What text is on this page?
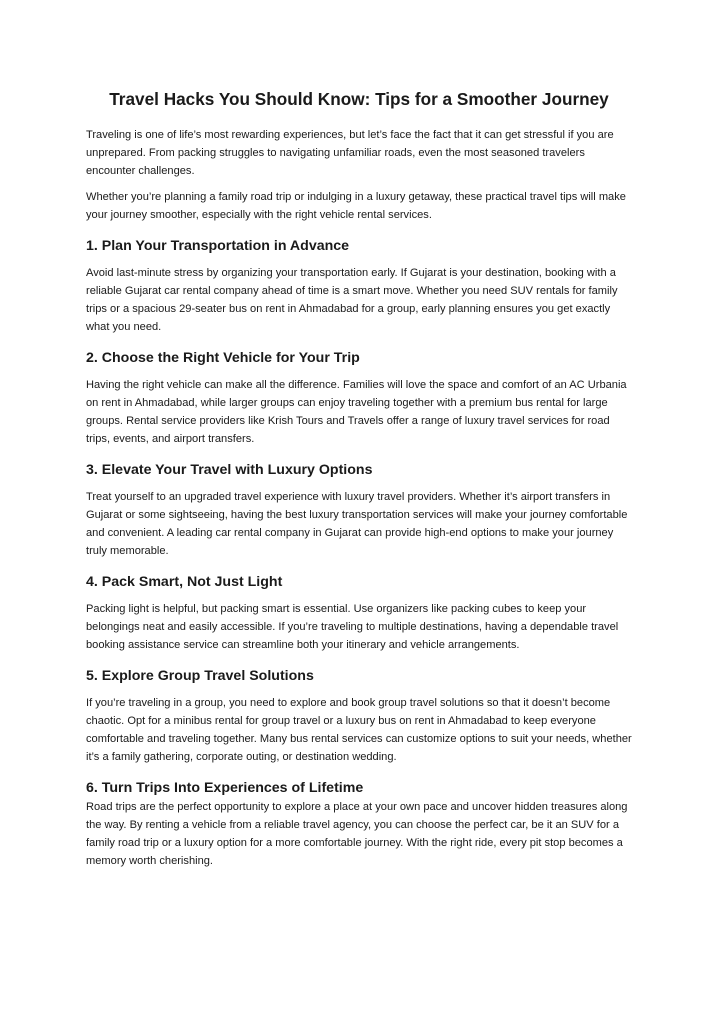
Travel Hacks You Should Know: Tips for a Smoother Journey

Traveling is one of life’s most rewarding experiences, but let’s face the fact that it can get stressful if you are unprepared. From packing struggles to navigating unfamiliar roads, even the most seasoned travelers encounter challenges.

Whether you’re planning a family road trip or indulging in a luxury getaway, these practical travel tips will make your journey smoother, especially with the right vehicle rental services.

1. Plan Your Transportation in Advance

Avoid last-minute stress by organizing your transportation early. If Gujarat is your destination, booking with a reliable Gujarat car rental company ahead of time is a smart move. Whether you need SUV rentals for family trips or a spacious 29-seater bus on rent in Ahmadabad for a group, early planning ensures you get exactly what you need.

2. Choose the Right Vehicle for Your Trip

Having the right vehicle can make all the difference. Families will love the space and comfort of an AC Urbania on rent in Ahmadabad, while larger groups can enjoy traveling together with a premium bus rental for large groups. Rental service providers like Krish Tours and Travels offer a range of luxury travel services for road trips, events, and airport transfers.

3. Elevate Your Travel with Luxury Options

Treat yourself to an upgraded travel experience with luxury travel providers. Whether it’s airport transfers in Gujarat or some sightseeing, having the best luxury transportation services will make your journey comfortable and convenient. A leading car rental company in Gujarat can provide high-end options to make your journey truly memorable.

4. Pack Smart, Not Just Light

Packing light is helpful, but packing smart is essential. Use organizers like packing cubes to keep your belongings neat and easily accessible. If you’re traveling to multiple destinations, having a dependable travel booking assistance service can streamline both your itinerary and vehicle arrangements.

5. Explore Group Travel Solutions

If you’re traveling in a group, you need to explore and book group travel solutions so that it doesn’t become chaotic. Opt for a minibus rental for group travel or a luxury bus on rent in Ahmadabad to keep everyone comfortable and traveling together. Many bus rental services can customize options to suit your needs, whether it’s a family gathering, corporate outing, or destination wedding.

6. Turn Trips Into Experiences of Lifetime

Road trips are the perfect opportunity to explore a place at your own pace and uncover hidden treasures along the way. By renting a vehicle from a reliable travel agency, you can choose the perfect car, be it an SUV for a family road trip or a luxury option for a more comfortable journey. With the right ride, every pit stop becomes a memory worth cherishing.
